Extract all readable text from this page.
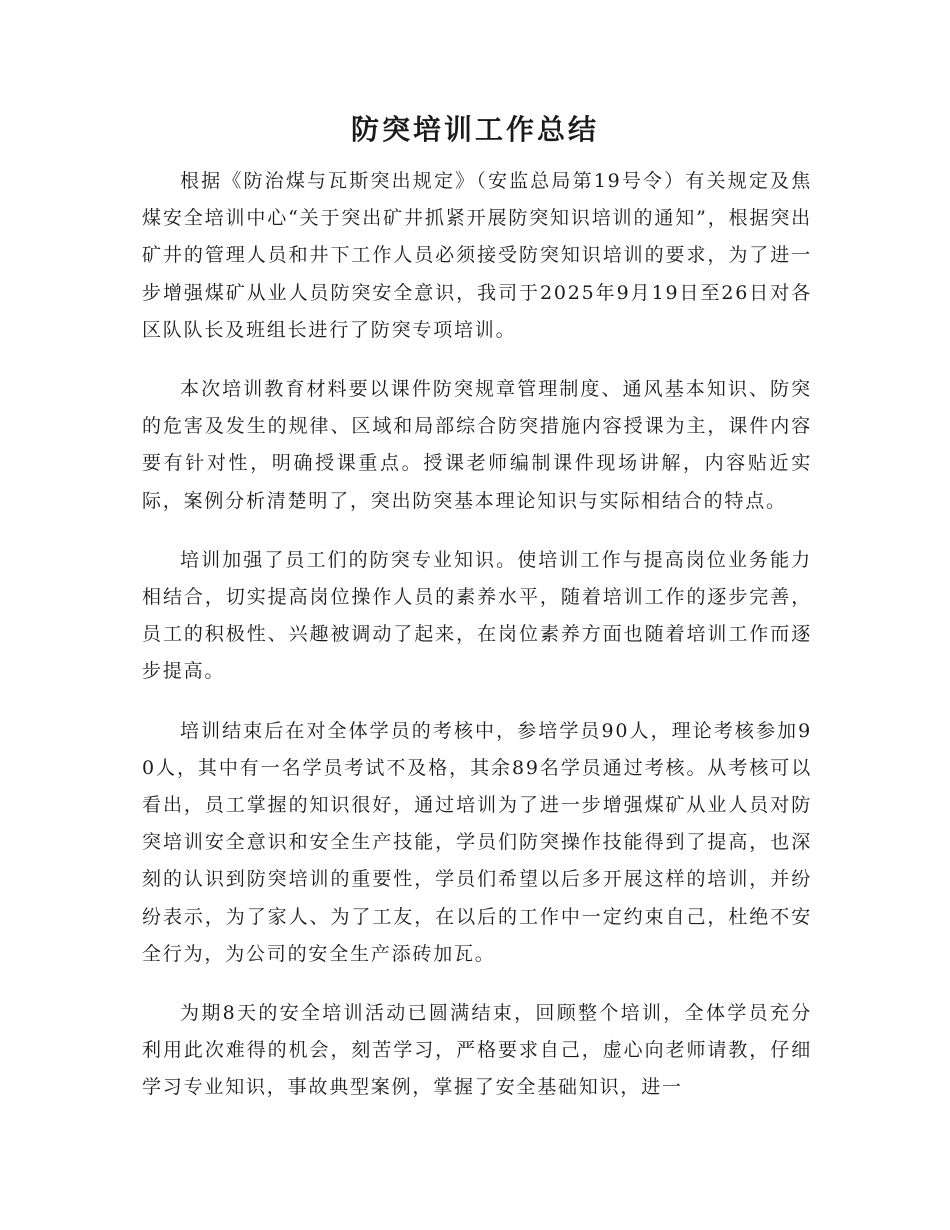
防突培训工作总结

根据《防治煤与瓦斯突出规定》（安监总局第19号令）有关规定及焦煤安全培训中心“关于突出矿井抓紧开展防突知识培训的通知”，根据突出矿井的管理人员和井下工作人员必须接受防突知识培训的要求，为了进一步增强煤矿从业人员防突安全意识，我司于2025年9月19日至26日对各区队队长及班组长进行了防突专项培训。

本次培训教育材料要以课件防突规章管理制度、通风基本知识、防突的危害及发生的规律、区域和局部综合防突措施内容授课为主，课件内容要有针对性，明确授课重点。授课老师编制课件现场讲解，内容贴近实际，案例分析清楚明了，突出防突基本理论知识与实际相结合的特点。

培训加强了员工们的防突专业知识。使培训工作与提高岗位业务能力相结合，切实提高岗位操作人员的素养水平，随着培训工作的逐步完善，员工的积极性、兴趣被调动了起来，在岗位素养方面也随着培训工作而逐步提高。

培训结束后在对全体学员的考核中，参培学员90人，理论考核参加90人，其中有一名学员考试不及格，其余89名学员通过考核。从考核可以看出，员工掌握的知识很好，通过培训为了进一步增强煤矿从业人员对防突培训安全意识和安全生产技能，学员们防突操作技能得到了提高，也深刻的认识到防突培训的重要性，学员们希望以后多开展这样的培训，并纷纷表示，为了家人、为了工友，在以后的工作中一定约束自己，杜绝不安全行为，为公司的安全生产添砖加瓦。

为期8天的安全培训活动已圆满结束，回顾整个培训，全体学员充分利用此次难得的机会，刻苦学习，严格要求自己，虚心向老师请教，仔细学习专业知识，事故典型案例，掌握了安全基础知识，进一
